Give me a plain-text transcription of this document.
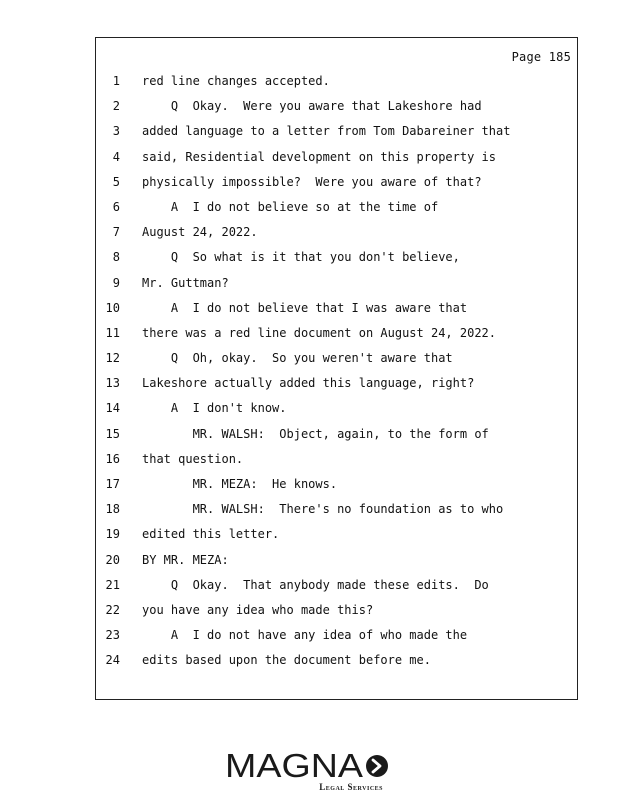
Page 185
1 red line changes accepted.
2 Q  Okay.  Were you aware that Lakeshore had
3 added language to a letter from Tom Dabareiner that
4 said, Residential development on this property is
5 physically impossible?  Were you aware of that?
6 A  I do not believe so at the time of
7 August 24, 2022.
8 Q  So what is it that you don't believe,
9 Mr. Guttman?
10 A  I do not believe that I was aware that
11 there was a red line document on August 24, 2022.
12 Q  Oh, okay.  So you weren't aware that
13 Lakeshore actually added this language, right?
14 A  I don't know.
15 MR. WALSH:  Object, again, to the form of
16 that question.
17 MR. MEZA:  He knows.
18 MR. WALSH:  There's no foundation as to who
19 edited this letter.
20 BY MR. MEZA:
21 Q  Okay.  That anybody made these edits.  Do
22 you have any idea who made this?
23 A  I do not have any idea of who made the
24 edits based upon the document before me.
MAGNA
Legal Services
